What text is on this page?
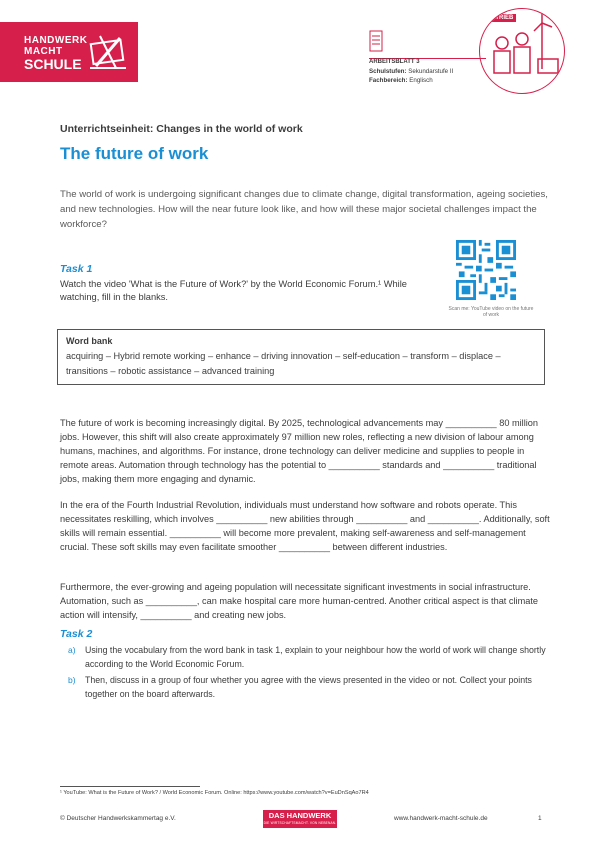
HANDWERK
MACHT
SCHULE	ARBEITSBLATT 3
Schulstufen: Sekundarstufe II
Fachbereich: Englisch
BETRIEB
Unterrichtseinheit: Changes in the world of work
The future of work

The world of work is undergoing significant changes due to climate change, digital transformation, ageing societies, and new technologies. How will the near future look like, and how will these major societal challenges impact the workforce?

Task 1

Watch the video 'What is the Future of Work?' by the World Economic Forum.¹ While watching, fill in the blanks.

Scan me: YouTube video on the future of work
Word bank
acquiring – Hybrid remote working – enhance – driving innovation – self-education – transform – displace – transitions – robotic assistance – advanced training

The future of work is becoming increasingly digital. By 2025, technological advancements may __________ 80 million jobs. However, this shift will also create approximately 97 million new roles, reflecting a new division of labour among humans, machines, and algorithms. For instance, drone technology can deliver medicine and supplies to people in remote areas. Automation through technology has the potential to __________ standards and __________ traditional jobs, making them more engaging and dynamic.

In the era of the Fourth Industrial Revolution, individuals must understand how software and robots operate. This necessitates reskilling, which involves __________ new abilities through __________ and __________. Additionally, soft skills will remain essential. __________ will become more prevalent, making self-awareness and self-management crucial. These soft skills may even facilitate smoother __________ between different industries.

Furthermore, the ever-growing and ageing population will necessitate significant investments in social infrastructure. Automation, such as __________, can make hospital care more human-centred. Another critical aspect is that climate action will intensify, __________ and creating new jobs.

Task 2
a) Using the vocabulary from the word bank in task 1, explain to your neighbour how the world of work will change shortly according to the World Economic Forum.
b) Then, discuss in a group of four whether you agree with the views presented in the video or not. Collect your points together on the board afterwards.
¹ YouTube: What is the Future of Work? / World Economic Forum. Online: https://www.youtube.com/watch?v=EuDnSqAo7R4
© Deutscher Handwerkskammertag e.V.	DAS HANDWERK
DIE WIRTSCHAFTSMACHT. VON NEBENAN.
www.handwerk-macht-schule.de	1
